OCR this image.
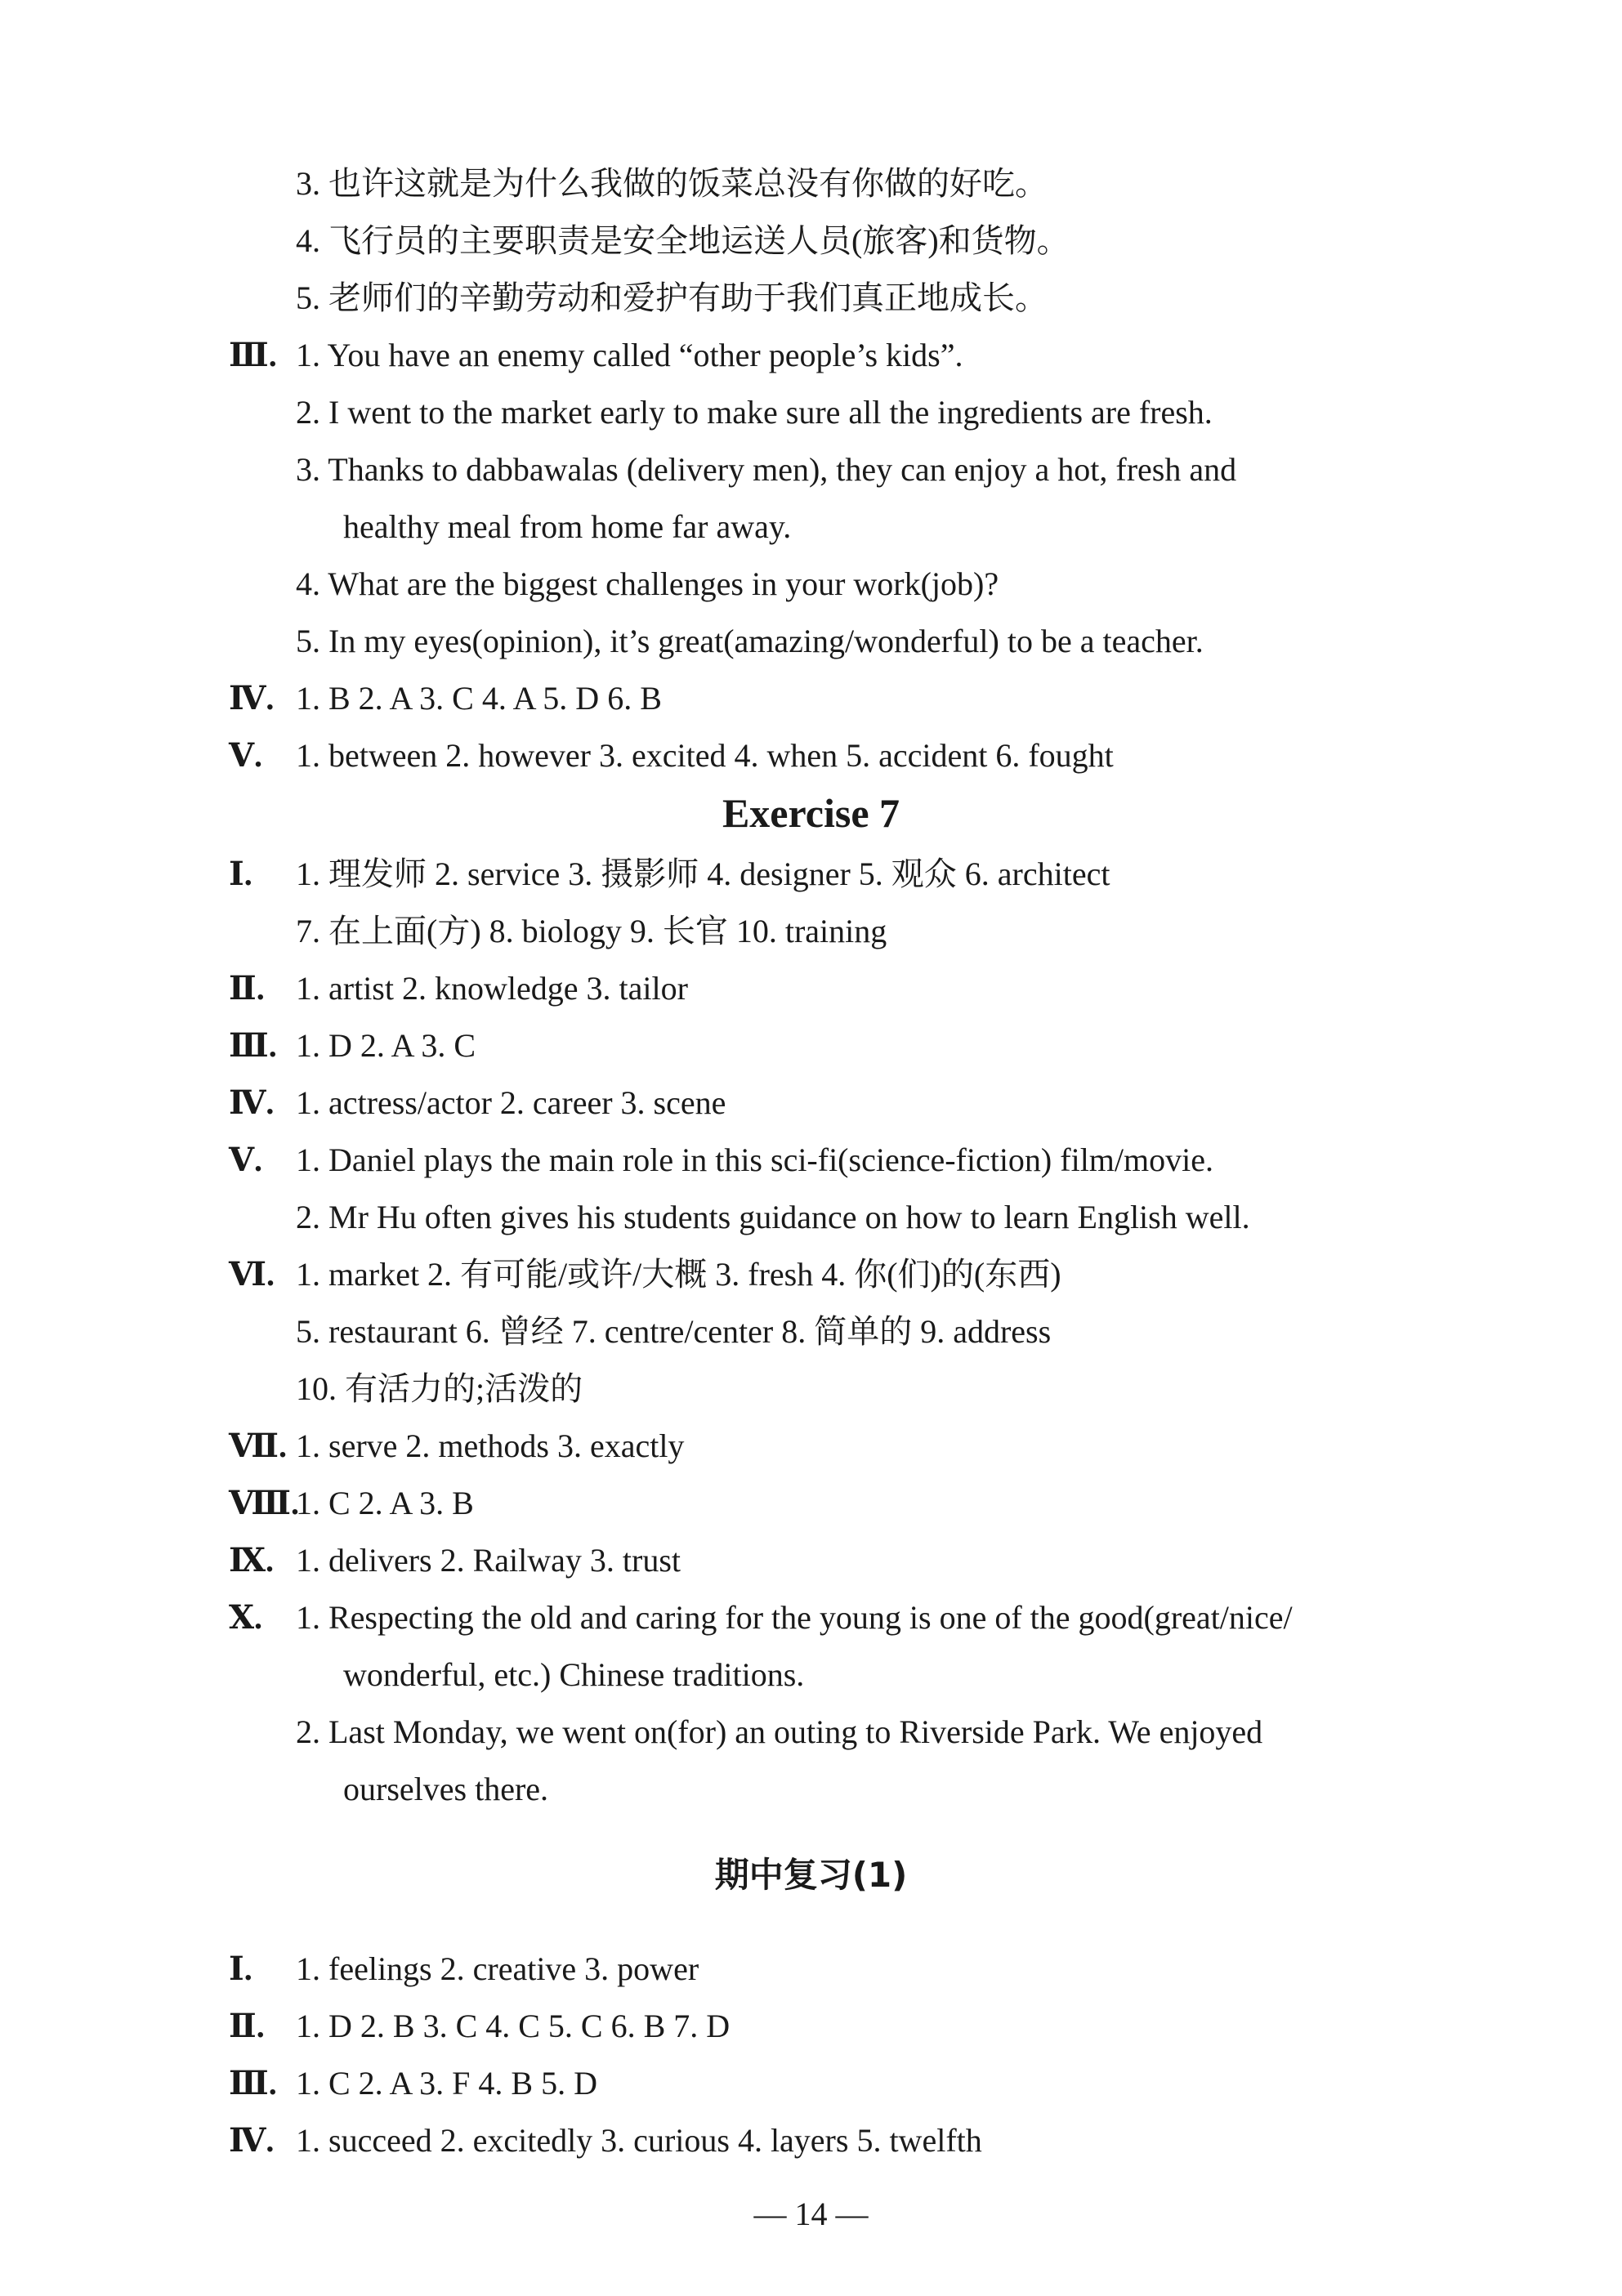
3. 也许这就是为什么我做的饭菜总没有你做的好吃。
4. 飞行员的主要职责是安全地运送人员(旅客)和货物。
5. 老师们的辛勤劳动和爱护有助于我们真正地成长。
Ⅲ. 1. You have an enemy called “other people’s kids”.
2. I went to the market early to make sure all the ingredients are fresh.
3. Thanks to dabbawalas (delivery men), they can enjoy a hot, fresh and
healthy meal from home far away.
4. What are the biggest challenges in your work(job)?
5. In my eyes(opinion), it’s great(amazing/wonderful) to be a teacher.
Ⅳ. 1. B 2. A 3. C 4. A 5. D 6. B
Ⅴ.	1. between 2. however 3. excited 4. when 5. accident 6. fought
Exercise 7
Ⅰ.	1. 理发师 2. service 3. 摄影师 4. designer 5. 观众 6. architect
7. 在上面(方) 8. biology 9. 长官 10. training
Ⅱ. 1. artist 2. knowledge 3. tailor
Ⅲ. 1. D 2. A 3. C
Ⅳ. 1. actress/actor 2. career 3. scene
Ⅴ.	1. Daniel plays the main role in this sci-fi(science-fiction) film/movie.
2. Mr Hu often gives his students guidance on how to learn English well.
Ⅵ. 1. market 2. 有可能/或许/大概 3. fresh 4. 你(们)的(东西)
5. restaurant 6. 曾经 7. centre/center 8. 简单的 9. address
10. 有活力的;活泼的
Ⅶ. 1. serve 2. methods 3. exactly
Ⅷ.
1. C 2. A 3. B
Ⅸ. 1. delivers 2. Railway 3. trust
Ⅹ.	1. Respecting the old and caring for the young is one of the good(great/nice/
wonderful, etc.) Chinese traditions.
2. Last Monday, we went on(for) an outing to Riverside Park. We enjoyed
ourselves there.
期中复习(1)
Ⅰ.	1. feelings 2. creative 3. power
Ⅱ. 1. D 2. B 3. C 4. C 5. C 6. B 7. D
Ⅲ. 1. C 2. A 3. F 4. B 5. D
Ⅳ. 1. succeed 2. excitedly 3. curious 4. layers 5. twelfth
— 14 —
